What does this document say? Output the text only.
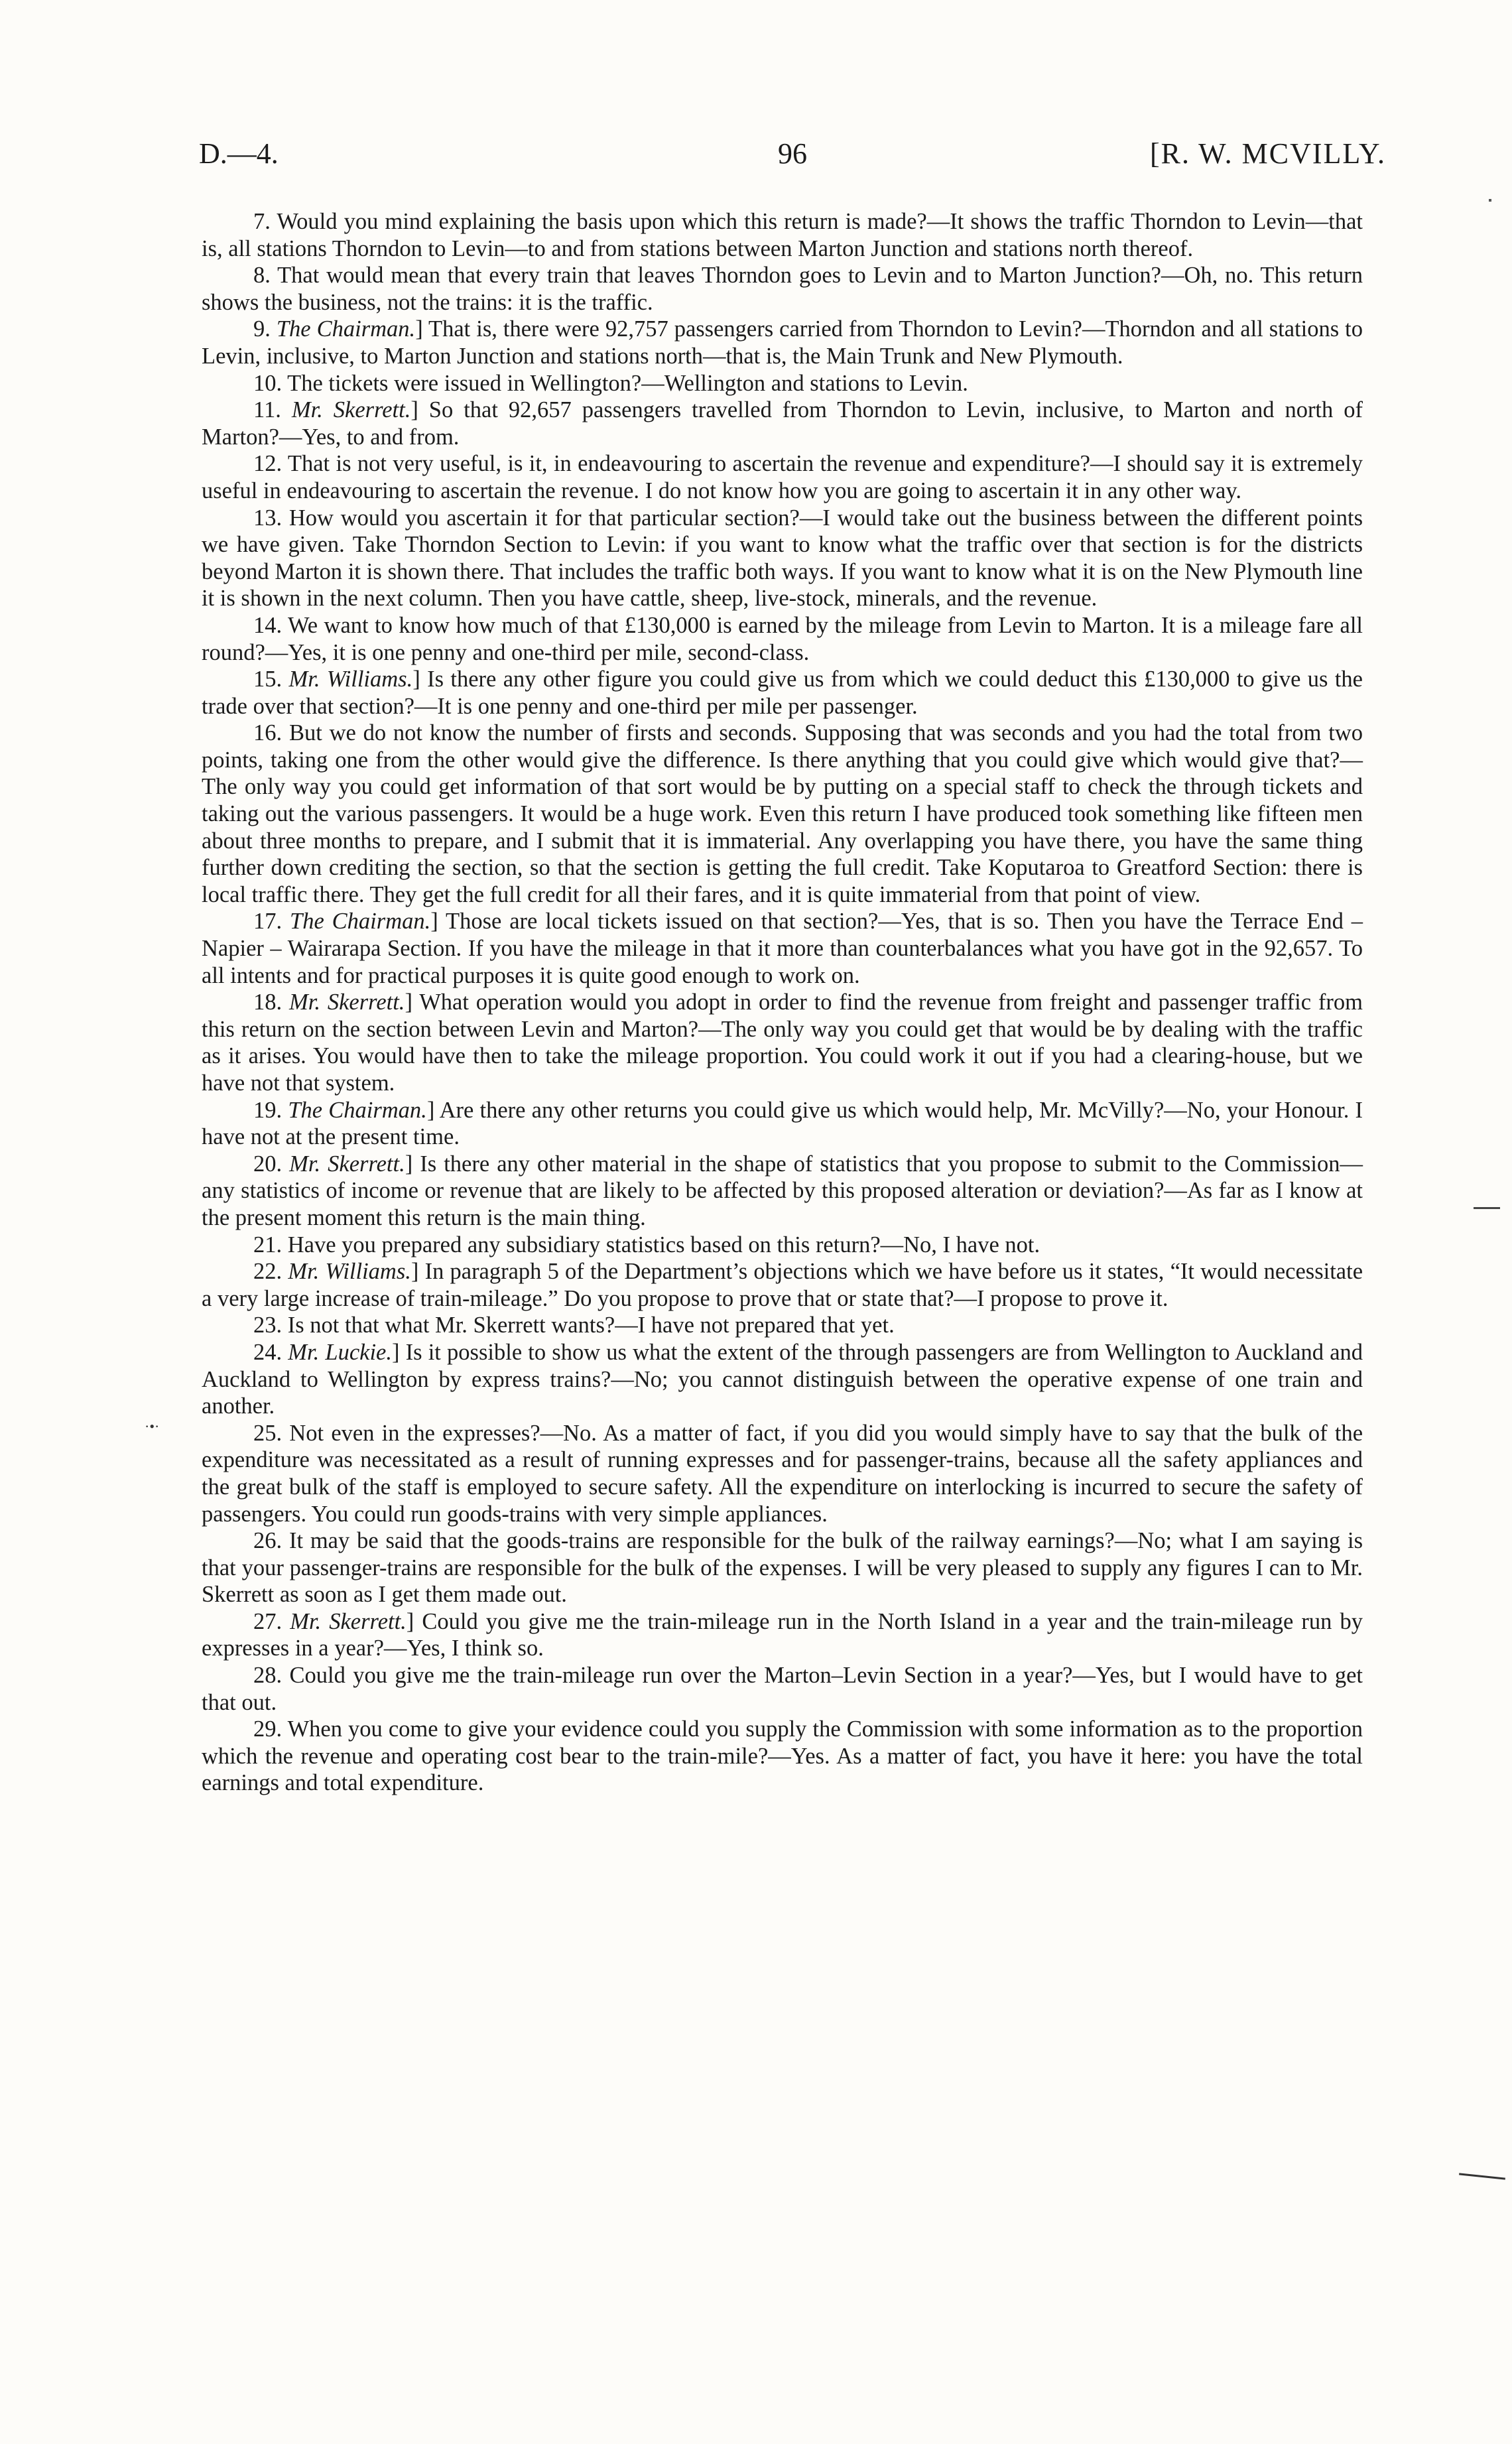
D.—4.	96	[R. W. MCVILLY.

7. Would you mind explaining the basis upon which this return is made?—It shows the traffic Thorndon to Levin—that is, all stations Thorndon to Levin—to and from stations between Marton Junction and stations north thereof.

8. That would mean that every train that leaves Thorndon goes to Levin and to Marton Junction?—Oh, no. This return shows the business, not the trains: it is the traffic.

9. The Chairman.] That is, there were 92,757 passengers carried from Thorndon to Levin?—Thorndon and all stations to Levin, inclusive, to Marton Junction and stations north—that is, the Main Trunk and New Plymouth.

10. The tickets were issued in Wellington?—Wellington and stations to Levin.

11. Mr. Skerrett.] So that 92,657 passengers travelled from Thorndon to Levin, inclusive, to Marton and north of Marton?—Yes, to and from.

12. That is not very useful, is it, in endeavouring to ascertain the revenue and expenditure?—I should say it is extremely useful in endeavouring to ascertain the revenue. I do not know how you are going to ascertain it in any other way.

13. How would you ascertain it for that particular section?—I would take out the business between the different points we have given. Take Thorndon Section to Levin: if you want to know what the traffic over that section is for the districts beyond Marton it is shown there. That includes the traffic both ways. If you want to know what it is on the New Plymouth line it is shown in the next column. Then you have cattle, sheep, live-stock, minerals, and the revenue.

14. We want to know how much of that £130,000 is earned by the mileage from Levin to Marton. It is a mileage fare all round?—Yes, it is one penny and one-third per mile, second-class.

15. Mr. Williams.] Is there any other figure you could give us from which we could deduct this £130,000 to give us the trade over that section?—It is one penny and one-third per mile per passenger.

16. But we do not know the number of firsts and seconds. Supposing that was seconds and you had the total from two points, taking one from the other would give the difference. Is there anything that you could give which would give that?—The only way you could get information of that sort would be by putting on a special staff to check the through tickets and taking out the various passengers. It would be a huge work. Even this return I have produced took something like fifteen men about three months to prepare, and I submit that it is immaterial. Any overlapping you have there, you have the same thing further down crediting the section, so that the section is getting the full credit. Take Koputaroa to Greatford Section: there is local traffic there. They get the full credit for all their fares, and it is quite immaterial from that point of view.

17. The Chairman.] Those are local tickets issued on that section?—Yes, that is so. Then you have the Terrace End – Napier – Wairarapa Section. If you have the mileage in that it more than counterbalances what you have got in the 92,657. To all intents and for practical purposes it is quite good enough to work on.

18. Mr. Skerrett.] What operation would you adopt in order to find the revenue from freight and passenger traffic from this return on the section between Levin and Marton?—The only way you could get that would be by dealing with the traffic as it arises. You would have then to take the mileage proportion. You could work it out if you had a clearing-house, but we have not that system.

19. The Chairman.] Are there any other returns you could give us which would help, Mr. McVilly?—No, your Honour. I have not at the present time.

20. Mr. Skerrett.] Is there any other material in the shape of statistics that you propose to submit to the Commission—any statistics of income or revenue that are likely to be affected by this proposed alteration or deviation?—As far as I know at the present moment this return is the main thing.

21. Have you prepared any subsidiary statistics based on this return?—No, I have not.

22. Mr. Williams.] In paragraph 5 of the Department’s objections which we have before us it states, “It would necessitate a very large increase of train-mileage.” Do you propose to prove that or state that?—I propose to prove it.

23. Is not that what Mr. Skerrett wants?—I have not prepared that yet.

24. Mr. Luckie.] Is it possible to show us what the extent of the through passengers are from Wellington to Auckland and Auckland to Wellington by express trains?—No; you cannot distinguish between the operative expense of one train and another.

25. Not even in the expresses?—No. As a matter of fact, if you did you would simply have to say that the bulk of the expenditure was necessitated as a result of running expresses and for passenger-trains, because all the safety appliances and the great bulk of the staff is employed to secure safety. All the expenditure on interlocking is incurred to secure the safety of passengers. You could run goods-trains with very simple appliances.

26. It may be said that the goods-trains are responsible for the bulk of the railway earnings?—No; what I am saying is that your passenger-trains are responsible for the bulk of the expenses. I will be very pleased to supply any figures I can to Mr. Skerrett as soon as I get them made out.

27. Mr. Skerrett.] Could you give me the train-mileage run in the North Island in a year and the train-mileage run by expresses in a year?—Yes, I think so.

28. Could you give me the train-mileage run over the Marton–Levin Section in a year?—Yes, but I would have to get that out.

29. When you come to give your evidence could you supply the Commission with some information as to the proportion which the revenue and operating cost bear to the train-mile?—Yes. As a matter of fact, you have it here: you have the total earnings and total expenditure.

·•·
